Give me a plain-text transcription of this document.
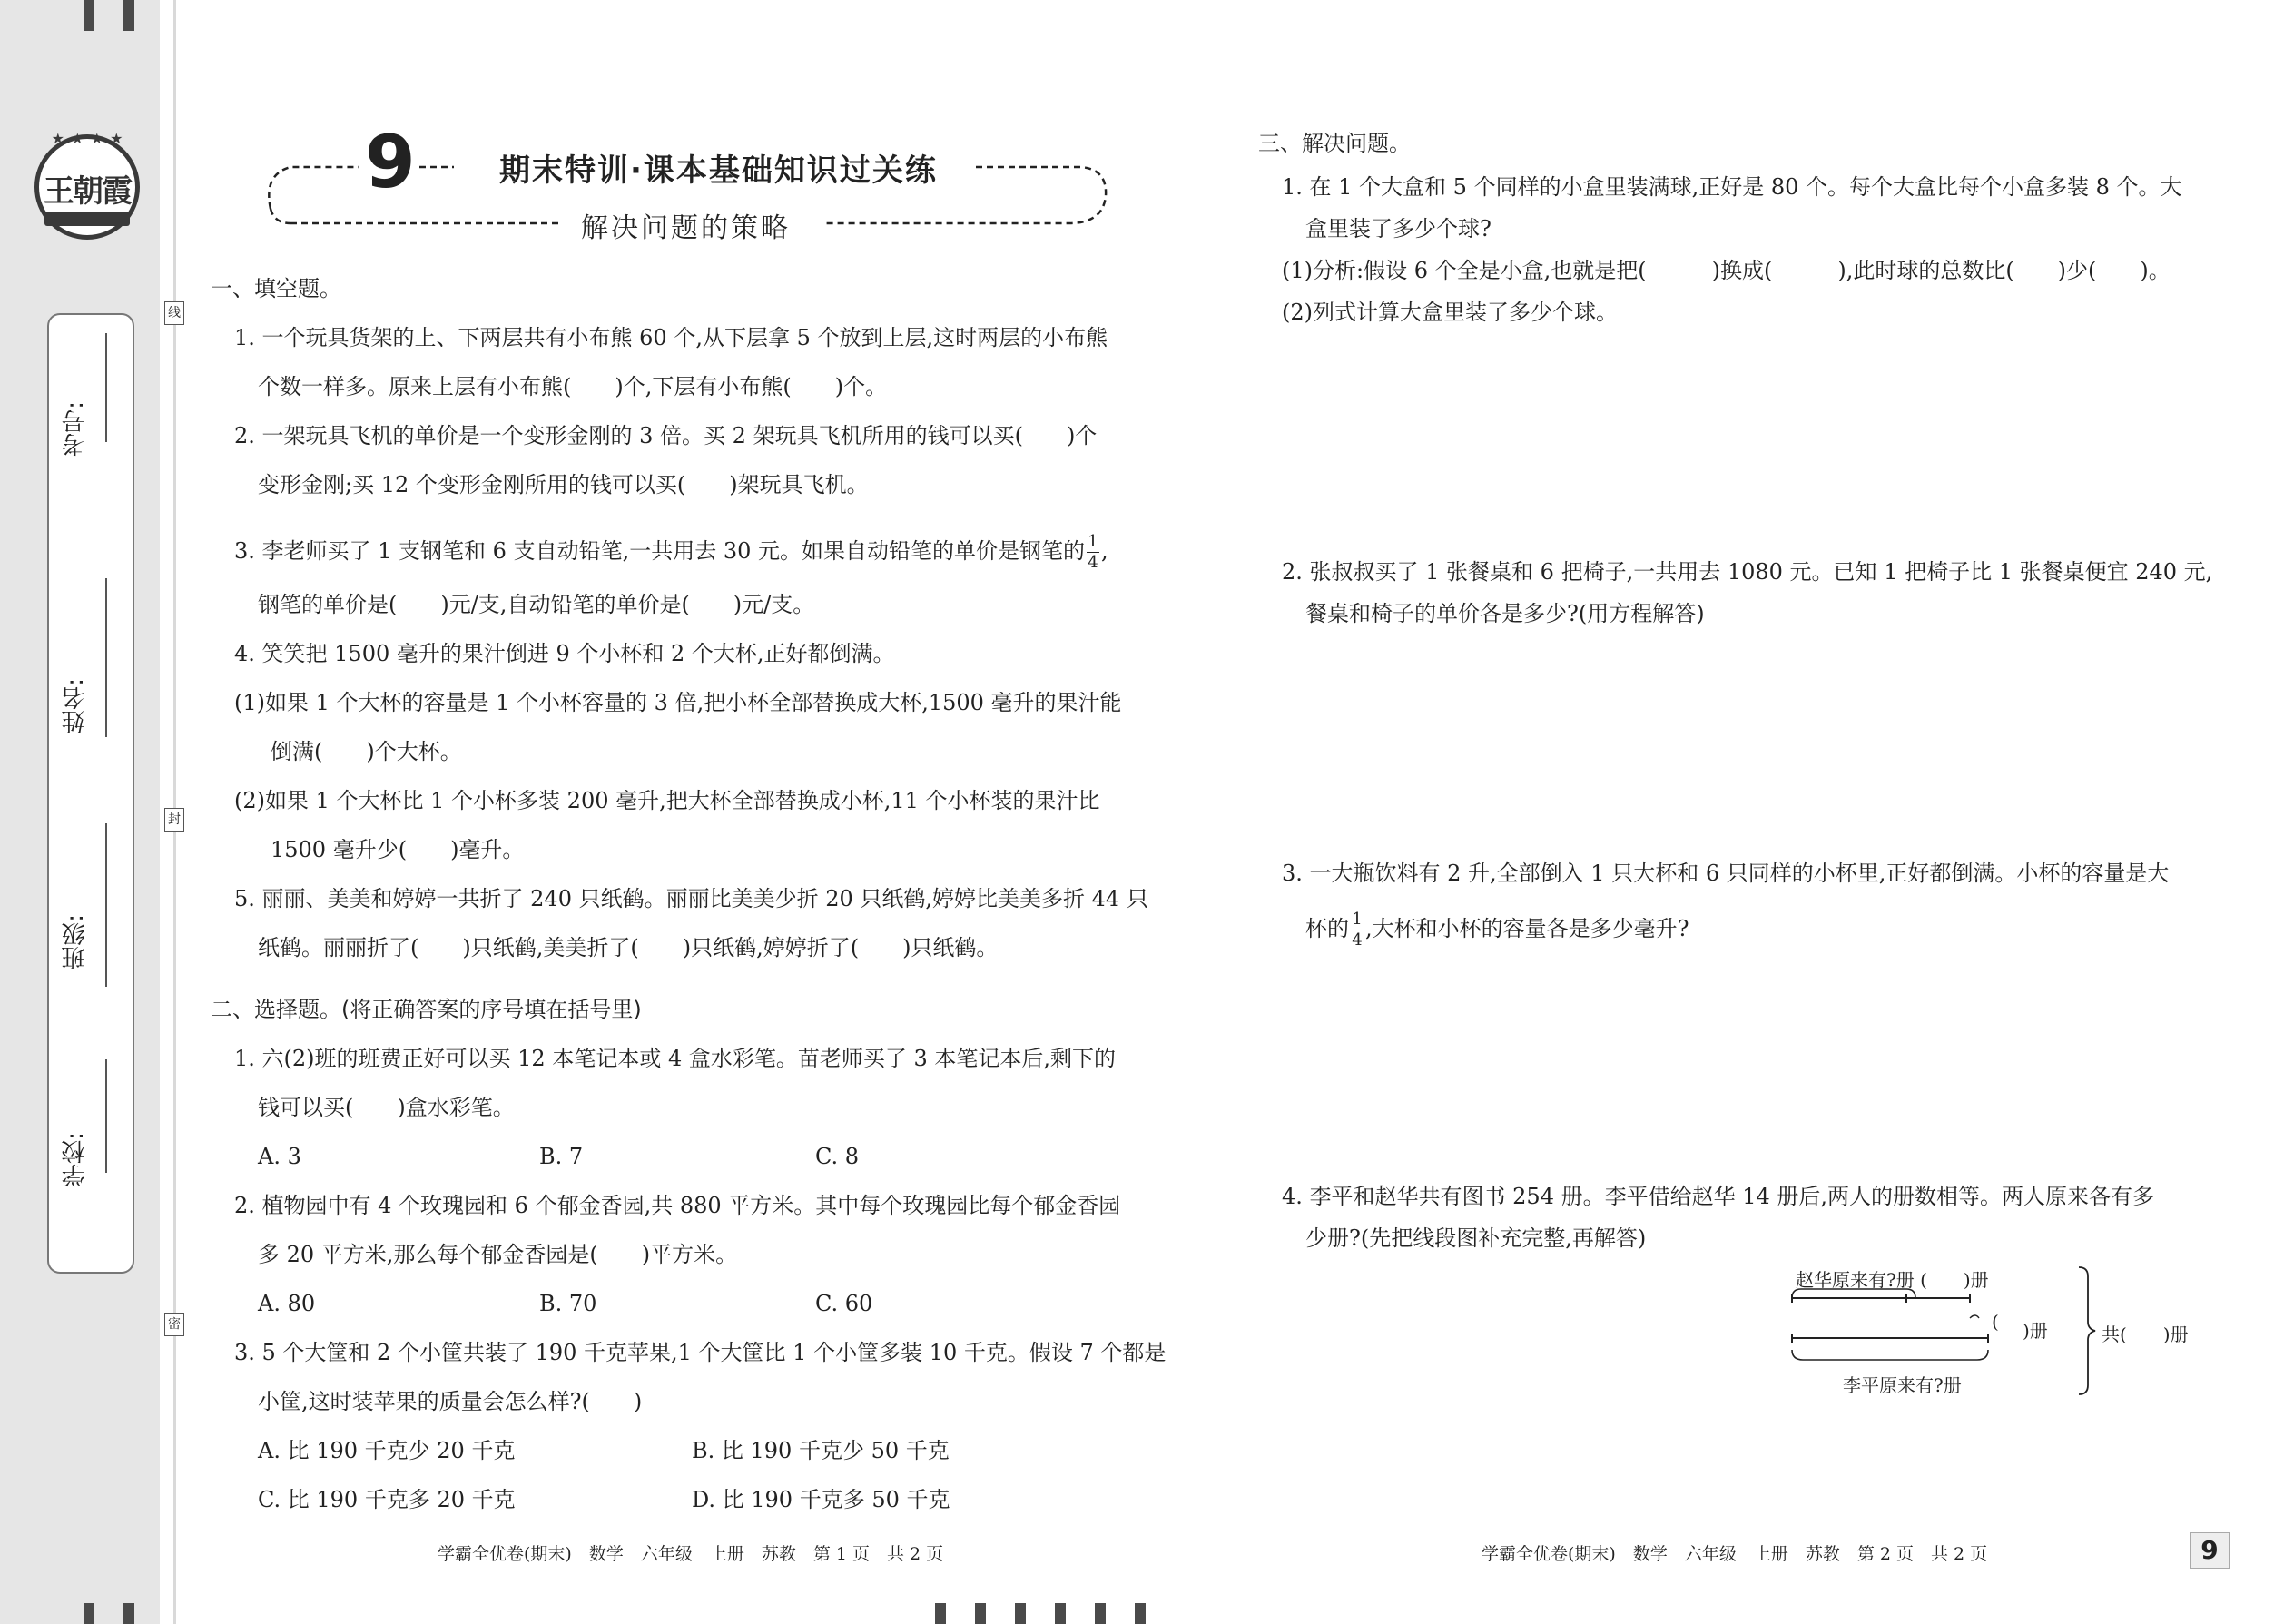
★ ★ ★ ★
王朝霞
考号:
姓名:
班级:
学校:
线
封
密
9	期末特训·课本基础知识过关练
解决问题的策略
一、填空题。
1. 一个玩具货架的上、下两层共有小布熊 60 个,从下层拿 5 个放到上层,这时两层的小布熊
个数一样多。原来上层有小布熊(　　)个,下层有小布熊(　　)个。
2. 一架玩具飞机的单价是一个变形金刚的 3 倍。买 2 架玩具飞机所用的钱可以买(　　)个
变形金刚;买 12 个变形金刚所用的钱可以买(　　)架玩具飞机。
3. 李老师买了 1 支钢笔和 6 支自动铅笔,一共用去 30 元。如果自动铅笔的单价是钢笔的 $\frac{1}{4}$ ,
钢笔的单价是(　　)元/支,自动铅笔的单价是(　　)元/支。
4. 笑笑把 1500 毫升的果汁倒进 9 个小杯和 2 个大杯,正好都倒满。
(1)如果 1 个大杯的容量是 1 个小杯容量的 3 倍,把小杯全部替换成大杯,1500 毫升的果汁能
倒满(　　)个大杯。
(2)如果 1 个大杯比 1 个小杯多装 200 毫升,把大杯全部替换成小杯,11 个小杯装的果汁比
1500 毫升少(　　)毫升。
5. 丽丽、美美和婷婷一共折了 240 只纸鹤。丽丽比美美少折 20 只纸鹤,婷婷比美美多折 44 只
纸鹤。丽丽折了(　　)只纸鹤,美美折了(　　)只纸鹤,婷婷折了(　　)只纸鹤。
二、选择题。(将正确答案的序号填在括号里)
1. 六(2)班的班费正好可以买 12 本笔记本或 4 盒水彩笔。苗老师买了 3 本笔记本后,剩下的
钱可以买(　　)盒水彩笔。
A. 3	B. 7	C. 8
2. 植物园中有 4 个玫瑰园和 6 个郁金香园,共 880 平方米。其中每个玫瑰园比每个郁金香园
多 20 平方米,那么每个郁金香园是(　　)平方米。
A. 80	B. 70	C. 60
3. 5 个大筐和 2 个小筐共装了 190 千克苹果,1 个大筐比 1 个小筐多装 10 千克。假设 7 个都是
小筐,这时装苹果的质量会怎么样?(　　)
A. 比 190 千克少 20 千克	B. 比 190 千克少 50 千克
C. 比 190 千克多 20 千克	D. 比 190 千克多 50 千克
学霸全优卷(期末)　数学　六年级　上册　苏教　第 1 页　共 2 页
三、解决问题。
1. 在 1 个大盒和 5 个同样的小盒里装满球,正好是 80 个。每个大盒比每个小盒多装 8 个。大
盒里装了多少个球?
(1)分析:假设 6 个全是小盒,也就是把(　　　)换成(　　　),此时球的总数比(　　)少(　　)。
(2)列式计算大盒里装了多少个球。
2. 张叔叔买了 1 张餐桌和 6 把椅子,一共用去 1080 元。已知 1 把椅子比 1 张餐桌便宜 240 元,
餐桌和椅子的单价各是多少?(用方程解答)
3. 一大瓶饮料有 2 升,全部倒入 1 只大杯和 6 只同样的小杯里,正好都倒满。小杯的容量是大
杯的 $\frac{1}{4}$ ,大杯和小杯的容量各是多少毫升?
4. 李平和赵华共有图书 254 册。李平借给赵华 14 册后,两人的册数相等。两人原来各有多
少册?(先把线段图补充完整,再解答)
赵华原来有?册 (　　)册
( )册	共(　　)册
李平原来有?册
学霸全优卷(期末)　数学　六年级　上册　苏教　第 2 页　共 2 页	9
